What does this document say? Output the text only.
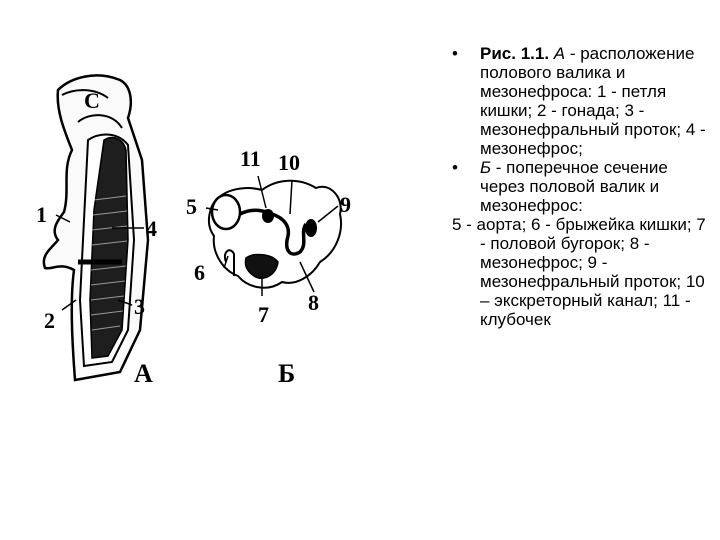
С
1
2
3
4
А
5
6
7 8
9
10
11
Б
• Рис. 1.1. А - расположение полового валика и мезонефроса: 1 - петля кишки; 2 - гонада; 3 - мезонефральный проток; 4 - мезонефрос;
• Б - поперечное сечение через половой валик и мезонефрос:
5 - аорта; 6 - брыжейка кишки; 7 - половой бугорок; 8 - мезонефрос; 9 - мезонефральный проток; 10 – экскреторный канал; 11 - клубочек
